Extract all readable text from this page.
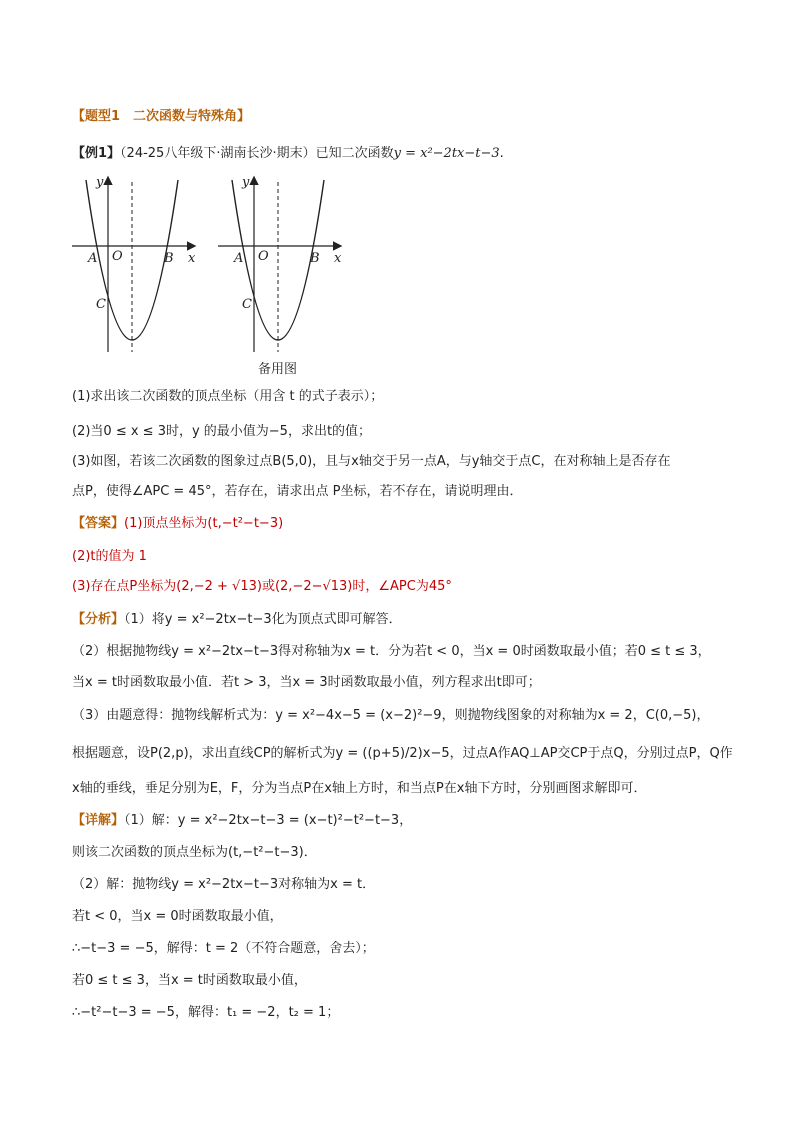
【题型1　二次函数与特殊角】
【例1】（24-25八年级下·湖南长沙·期末）已知二次函数y = x²−2tx−t−3.
y
A O	B x
C
y
A O	B x
C
备用图
(1)求出该二次函数的顶点坐标（用含 t 的式子表示）；
(2)当0 ≤ x ≤ 3时，y 的最小值为−5，求出t的值；
(3)如图，若该二次函数的图象过点B(5,0)，且与x轴交于另一点A，与y轴交于点C，在对称轴上是否存在
点P，使得∠APC = 45°，若存在，请求出点 P坐标，若不存在，请说明理由．
【答案】(1)顶点坐标为(t,−t²−t−3)
(2)t的值为 1
(3)存在点P坐标为(2,−2 + √13)或(2,−2−√13)时，∠APC为45°
【分析】（1）将y = x²−2tx−t−3化为顶点式即可解答．
（2）根据抛物线y = x²−2tx−t−3得对称轴为x = t．分为若t < 0，当x = 0时函数取最小值；若0 ≤ t ≤ 3，
当x = t时函数取最小值．若t > 3，当x = 3时函数取最小值，列方程求出t即可；
（3）由题意得：抛物线解析式为：y = x²−4x−5 = (x−2)²−9，则抛物线图象的对称轴为x = 2，C(0,−5)，
根据题意，设P(2,p)，求出直线CP的解析式为y = ((p+5)/2)x−5，过点A作AQ⊥AP交CP于点Q，分别过点P，Q作
x轴的垂线，垂足分别为E，F，分为当点P在x轴上方时，和当点P在x轴下方时，分别画图求解即可．
【详解】（1）解：y = x²−2tx−t−3 = (x−t)²−t²−t−3，
则该二次函数的顶点坐标为(t,−t²−t−3)．
（2）解：抛物线y = x²−2tx−t−3对称轴为x = t．
若t < 0，当x = 0时函数取最小值，
∴−t−3 = −5，解得：t = 2（不符合题意，舍去）；
若0 ≤ t ≤ 3，当x = t时函数取最小值，
∴−t²−t−3 = −5，解得：t₁ = −2，t₂ = 1；
